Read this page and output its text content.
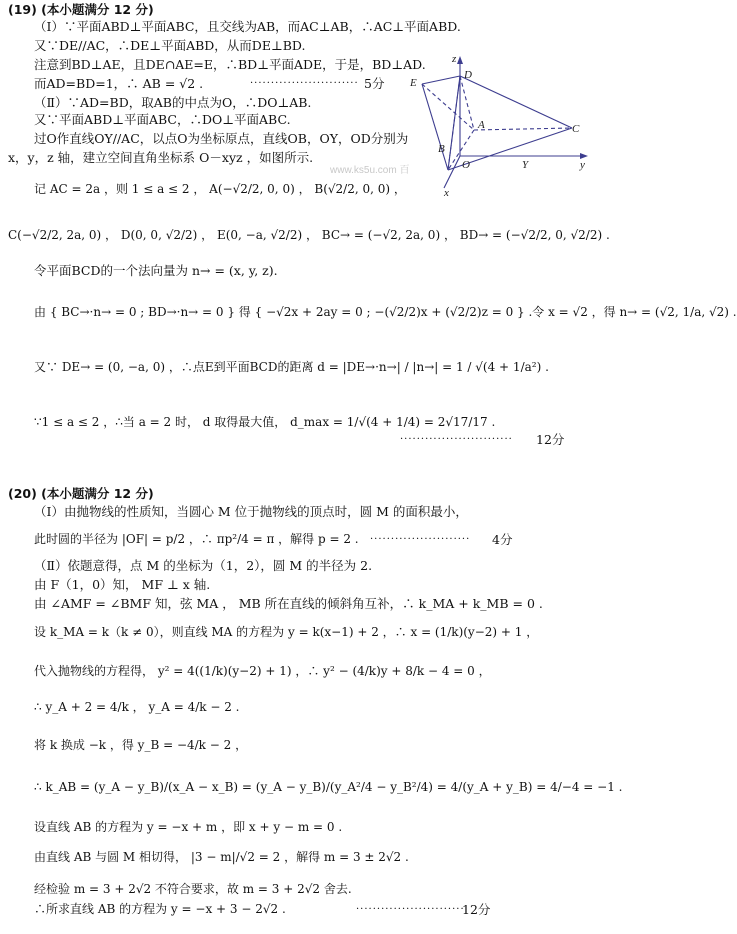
(19) (本小题满分 12 分)
（Ⅰ）∵平面ABD⊥平面ABC，且交线为AB，而AC⊥AB，∴AC⊥平面ABD.
又∵DE//AC，∴DE⊥平面ABD，从而DE⊥BD.
注意到BD⊥AE，且DE∩AE=E，∴BD⊥平面ADE，于是，BD⊥AD.
而AD=BD=1，∴ AB = √2 .	·························· 5分
（Ⅱ）∵AD=BD，取AB的中点为O，∴DO⊥AB.
又∵平面ABD⊥平面ABC，∴DO⊥平面ABC.
过O作直线OY//AC，以点O为坐标原点，直线OB，OY，OD分别为
x，y，z 轴，建立空间直角坐标系 O－xyz ，如图所示.
z
D
E
A	C
B
O	Y	y
x
www.ks5u.com 百
记 AC = 2a ，则 1 ≤ a ≤ 2 ， A(−√2/2, 0, 0) ， B(√2/2, 0, 0) ，
C(−√2/2, 2a, 0) ， D(0, 0, √2/2) ， E(0, −a, √2/2) ， BC→ = (−√2, 2a, 0) ， BD→ = (−√2/2, 0, √2/2) .
令平面BCD的一个法向量为 n→ = (x, y, z).
由 { BC→·n→ = 0 ; BD→·n→ = 0 } 得 { −√2x + 2ay = 0 ; −(√2/2)x + (√2/2)z = 0 } .令 x = √2 ，得 n→ = (√2, 1/a, √2) .
又∵ DE→ = (0, −a, 0) ，∴点E到平面BCD的距离 d = |DE→·n→| / |n→| = 1 / √(4 + 1/a²) .
∵1 ≤ a ≤ 2 ，∴当 a = 2 时， d 取得最大值， d_max = 1/√(4 + 1/4) = 2√17/17 .
··························· 12分
(20) (本小题满分 12 分)
（Ⅰ）由抛物线的性质知，当圆心 M 位于抛物线的顶点时，圆 M 的面积最小，
此时圆的半径为 |OF| = p/2 ，∴ πp²/4 = π ，解得 p = 2 . ························ 4分
（Ⅱ）依题意得，点 M 的坐标为（1，2），圆 M 的半径为 2.
由 F（1，0）知， MF ⊥ x 轴.
由 ∠AMF = ∠BMF 知，弦 MA ， MB 所在直线的倾斜角互补，∴ k_MA + k_MB = 0 .
设 k_MA = k（k ≠ 0），则直线 MA 的方程为 y = k(x−1) + 2 ，∴ x = (1/k)(y−2) + 1 ，
代入抛物线的方程得， y² = 4((1/k)(y−2) + 1) ，∴ y² − (4/k)y + 8/k − 4 = 0 ，
∴ y_A + 2 = 4/k ， y_A = 4/k − 2 .
将 k 换成 −k ，得 y_B = −4/k − 2 ，
∴ k_AB = (y_A − y_B)/(x_A − x_B) = (y_A − y_B)/(y_A²/4 − y_B²/4) = 4/(y_A + y_B) = 4/−4 = −1 .
设直线 AB 的方程为 y = −x + m ，即 x + y − m = 0 .
由直线 AB 与圆 M 相切得， |3 − m|/√2 = 2 ，解得 m = 3 ± 2√2 .
经检验 m = 3 + 2√2 不符合要求，故 m = 3 + 2√2 舍去.
∴所求直线 AB 的方程为 y = −x + 3 − 2√2 .	··························
12分
